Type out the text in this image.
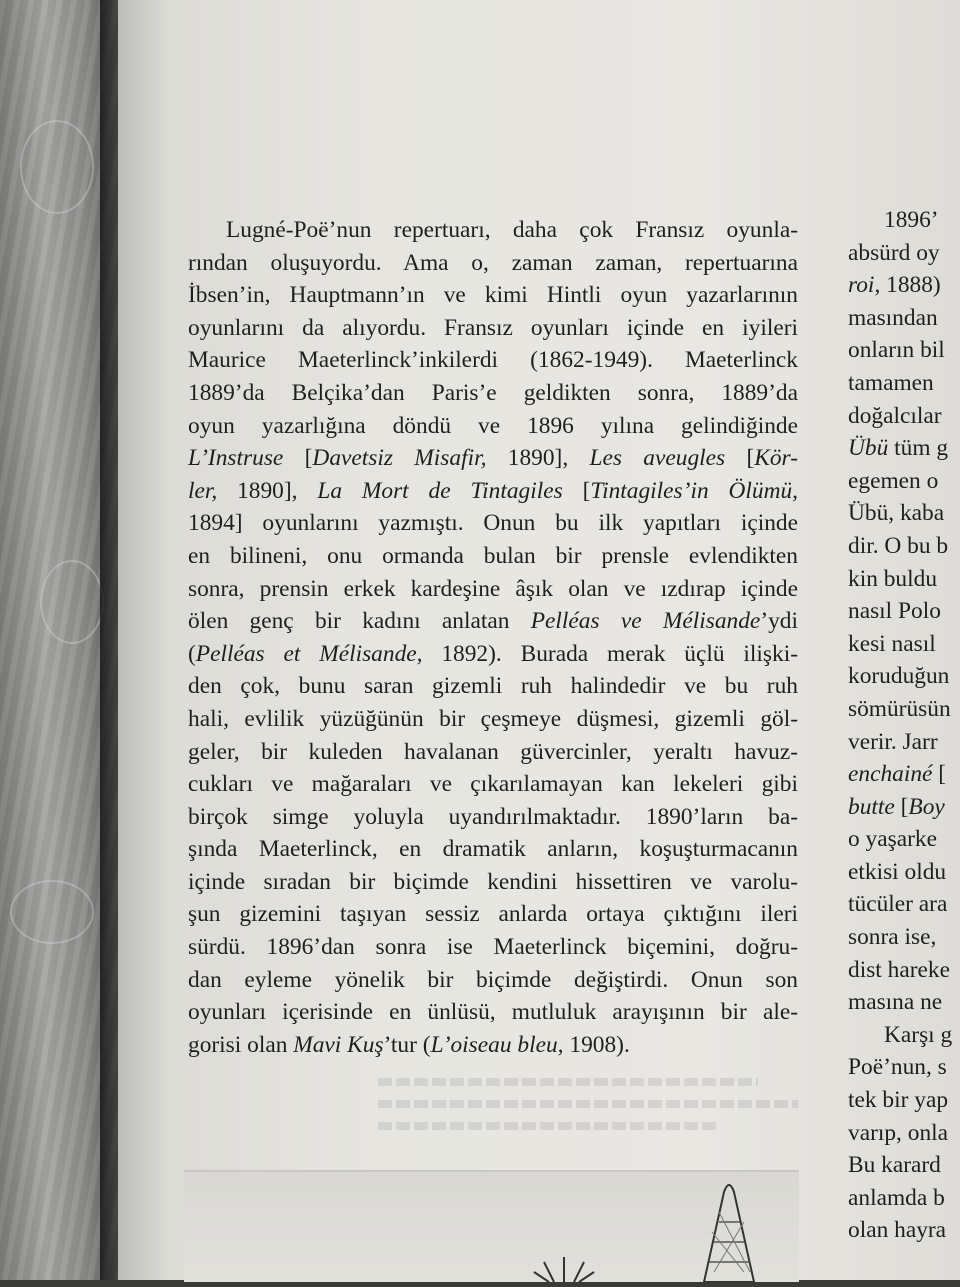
Lugné-Poë’nun repertuarı, daha çok Fransız oyunla-
rından oluşuyordu. Ama o, zaman zaman, repertuarına
İbsen’in, Hauptmann’ın ve kimi Hintli oyun yazarlarının
oyunlarını da alıyordu. Fransız oyunları içinde en iyileri
Maurice Maeterlinck’inkilerdi (1862-1949). Maeterlinck
1889’da Belçika’dan Paris’e geldikten sonra, 1889’da
oyun yazarlığına döndü ve 1896 yılına gelindiğinde
L’Instruse [Davetsiz Misafir, 1890], Les aveugles [Kör-
ler, 1890], La Mort de Tintagiles [Tintagiles’in Ölümü,
1894] oyunlarını yazmıştı. Onun bu ilk yapıtları içinde
en bilineni, onu ormanda bulan bir prensle evlendikten
sonra, prensin erkek kardeşine âşık olan ve ızdırap içinde
ölen genç bir kadını anlatan Pelléas ve Mélisande’ydi
(Pelléas et Mélisande, 1892). Burada merak üçlü ilişki-
den çok, bunu saran gizemli ruh halindedir ve bu ruh
hali, evlilik yüzüğünün bir çeşmeye düşmesi, gizemli göl-
geler, bir kuleden havalanan güvercinler, yeraltı havuz-
cukları ve mağaraları ve çıkarılamayan kan lekeleri gibi
birçok simge yoluyla uyandırılmaktadır. 1890’ların ba-
şında Maeterlinck, en dramatik anların, koşuşturmacanın
içinde sıradan bir biçimde kendini hissettiren ve varolu-
şun gizemini taşıyan sessiz anlarda ortaya çıktığını ileri
sürdü. 1896’dan sonra ise Maeterlinck biçemini, doğru-
dan eyleme yönelik bir biçimde değiştirdi. Onun son
oyunları içerisinde en ünlüsü, mutluluk arayışının bir ale-
gorisi olan Mavi Kuş’tur (L’oiseau bleu, 1908).
1896’
absürd oy
roi, 1888)
masından
onların bil
tamamen
doğalcılar
Übü tüm g
egemen o
Übü, kaba
dir. O bu b
kin buldu
nasıl Polo
kesi nasıl
koruduğun
sömürüsün
verir. Jarr
enchainé [
butte [Boy
o yaşarke
etkisi oldu
tücüler ara
sonra ise,
dist hareke
masına ne
Karşı g
Poë’nun, s
tek bir yap
varıp, onla
Bu karard
anlamda b
olan hayra
